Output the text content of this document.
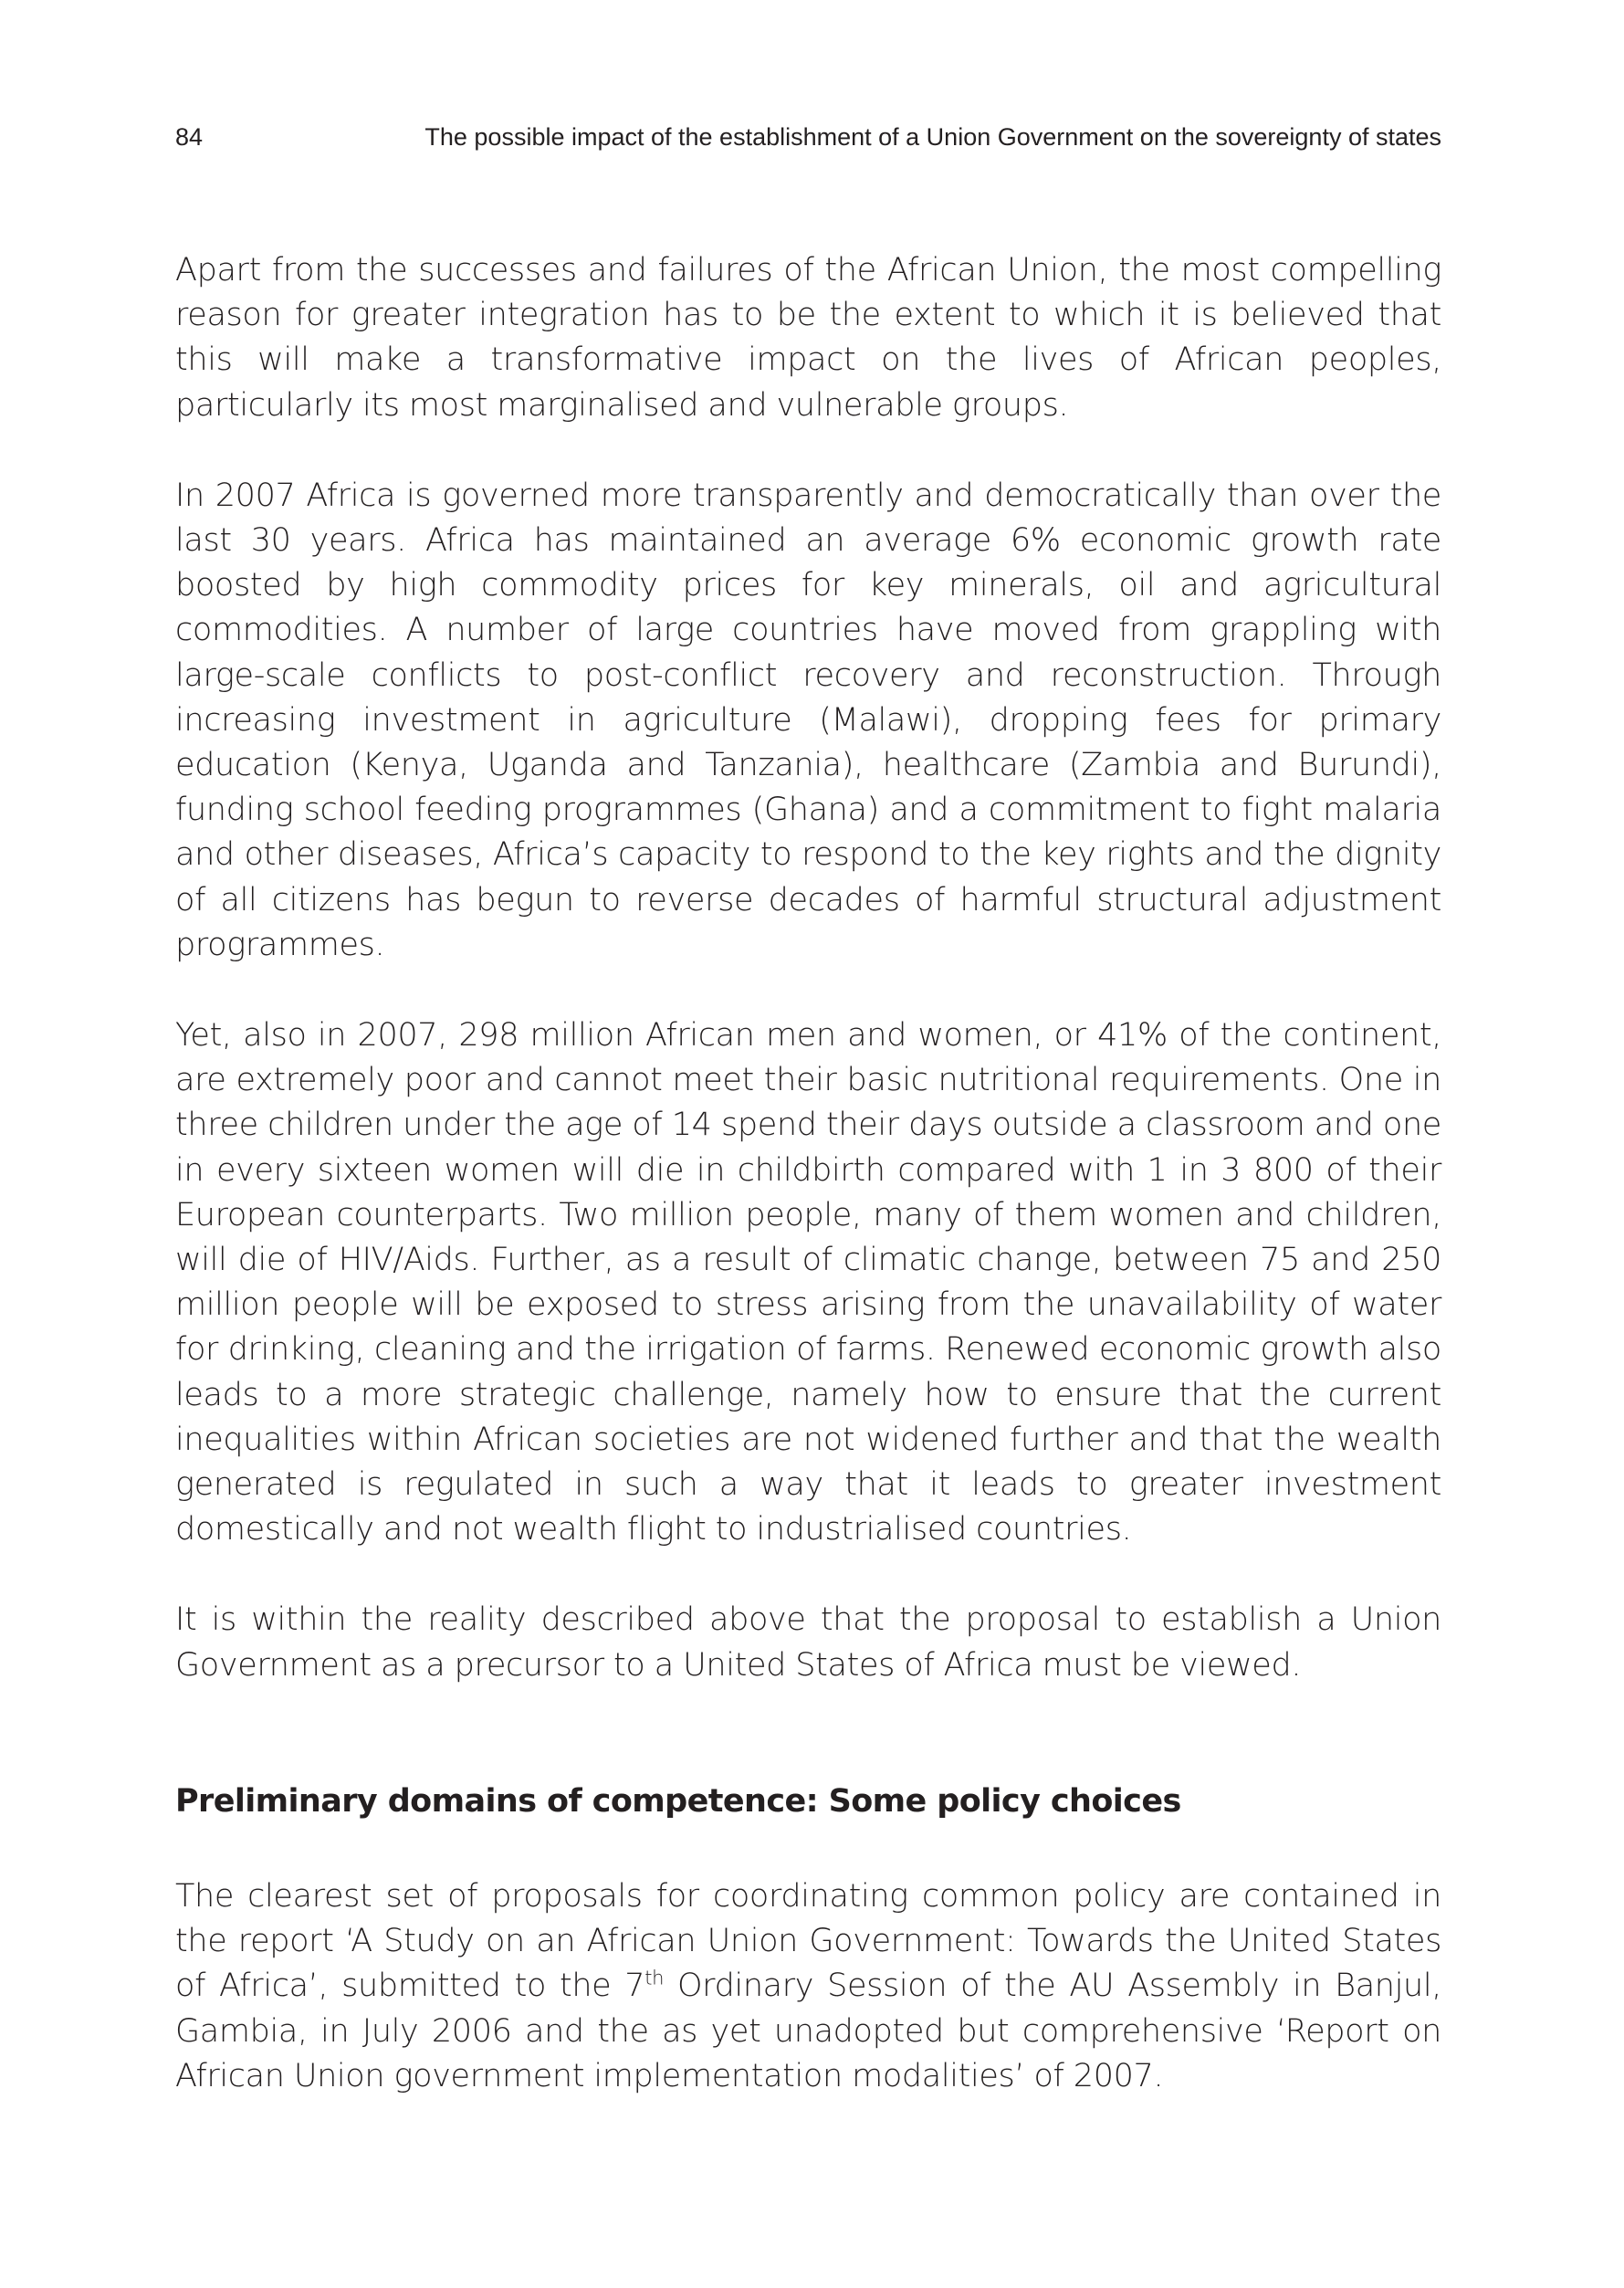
84	The possible impact of the establishment of a Union Government on the sovereignty of states

Apart from the successes and failures of the African Union, the most compelling reason for greater integration has to be the extent to which it is believed that this will make a transformative impact on the lives of African peoples, particularly its most marginalised and vulnerable groups.

In 2007 Africa is governed more transparently and democratically than over the last 30 years. Africa has maintained an average 6% economic growth rate boosted by high commodity prices for key minerals, oil and agricultural commodities. A number of large countries have moved from grappling with large-scale conflicts to post-conflict recovery and reconstruction. Through increasing investment in agriculture (Malawi), dropping fees for primary education (Kenya, Uganda and Tanzania), healthcare (Zambia and Burundi), funding school feeding programmes (Ghana) and a commitment to fight malaria and other diseases, Africa’s capacity to respond to the key rights and the dignity of all citizens has begun to reverse decades of harmful structural adjustment programmes.

Yet, also in 2007, 298 million African men and women, or 41% of the continent, are extremely poor and cannot meet their basic nutritional requirements. One in three children under the age of 14 spend their days outside a classroom and one in every sixteen women will die in childbirth compared with 1 in 3 800 of their European counterparts. Two million people, many of them women and children, will die of HIV/Aids. Further, as a result of climatic change, between 75 and 250 million people will be exposed to stress arising from the unavailability of water for drinking, cleaning and the irrigation of farms. Renewed economic growth also leads to a more strategic challenge, namely how to ensure that the current inequalities within African societies are not widened further and that the wealth generated is regulated in such a way that it leads to greater investment domestically and not wealth flight to industrialised countries.

It is within the reality described above that the proposal to establish a Union Government as a precursor to a United States of Africa must be viewed.

Preliminary domains of competence: Some policy choices

The clearest set of proposals for coordinating common policy are contained in the report ‘A Study on an African Union Government: Towards the United States of Africa’, submitted to the 7th Ordinary Session of the AU Assembly in Banjul, Gambia, in July 2006 and the as yet unadopted but comprehensive ‘Report on African Union government implementation modalities’ of 2007.
